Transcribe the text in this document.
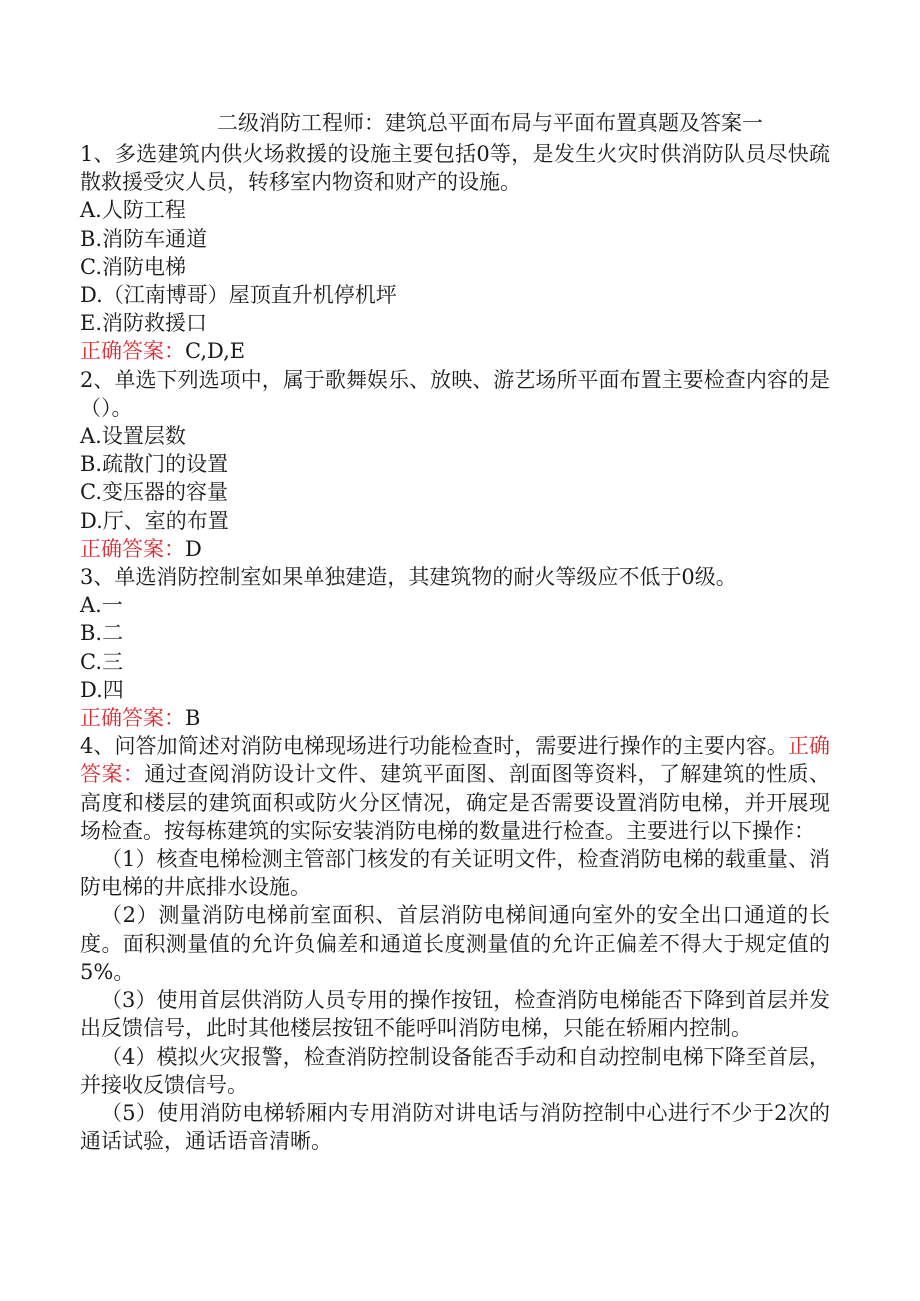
二级消防工程师：建筑总平面布局与平面布置真题及答案一

1、多选建筑内供火场救援的设施主要包括0等，是发生火灾时供消防队员尽快疏散救援受灾人员，转移室内物资和财产的设施。

A.人防工程

B.消防车通道

C.消防电梯

D.（江南博哥）屋顶直升机停机坪

E.消防救援口

正确答案：C,D,E

2、单选下列选项中，属于歌舞娱乐、放映、游艺场所平面布置主要检查内容的是（）。

A.设置层数

B.疏散门的设置

C.变压器的容量

D.厅、室的布置

正确答案：D

3、单选消防控制室如果单独建造，其建筑物的耐火等级应不低于0级。

A.一

B.二

C.三

D.四

正确答案：B

4、问答加简述对消防电梯现场进行功能检查时，需要进行操作的主要内容。正确答案：通过查阅消防设计文件、建筑平面图、剖面图等资料，了解建筑的性质、高度和楼层的建筑面积或防火分区情况，确定是否需要设置消防电梯，并开展现场检查。按每栋建筑的实际安装消防电梯的数量进行检查。主要进行以下操作：

（1）核查电梯检测主管部门核发的有关证明文件，检查消防电梯的载重量、消防电梯的井底排水设施。

（2）测量消防电梯前室面积、首层消防电梯间通向室外的安全出口通道的长度。面积测量值的允许负偏差和通道长度测量值的允许正偏差不得大于规定值的5%。

（3）使用首层供消防人员专用的操作按钮，检查消防电梯能否下降到首层并发出反馈信号，此时其他楼层按钮不能呼叫消防电梯，只能在轿厢内控制。

（4）模拟火灾报警，检查消防控制设备能否手动和自动控制电梯下降至首层，并接收反馈信号。

（5）使用消防电梯轿厢内专用消防对讲电话与消防控制中心进行不少于2次的通话试验，通话语音清晰。
